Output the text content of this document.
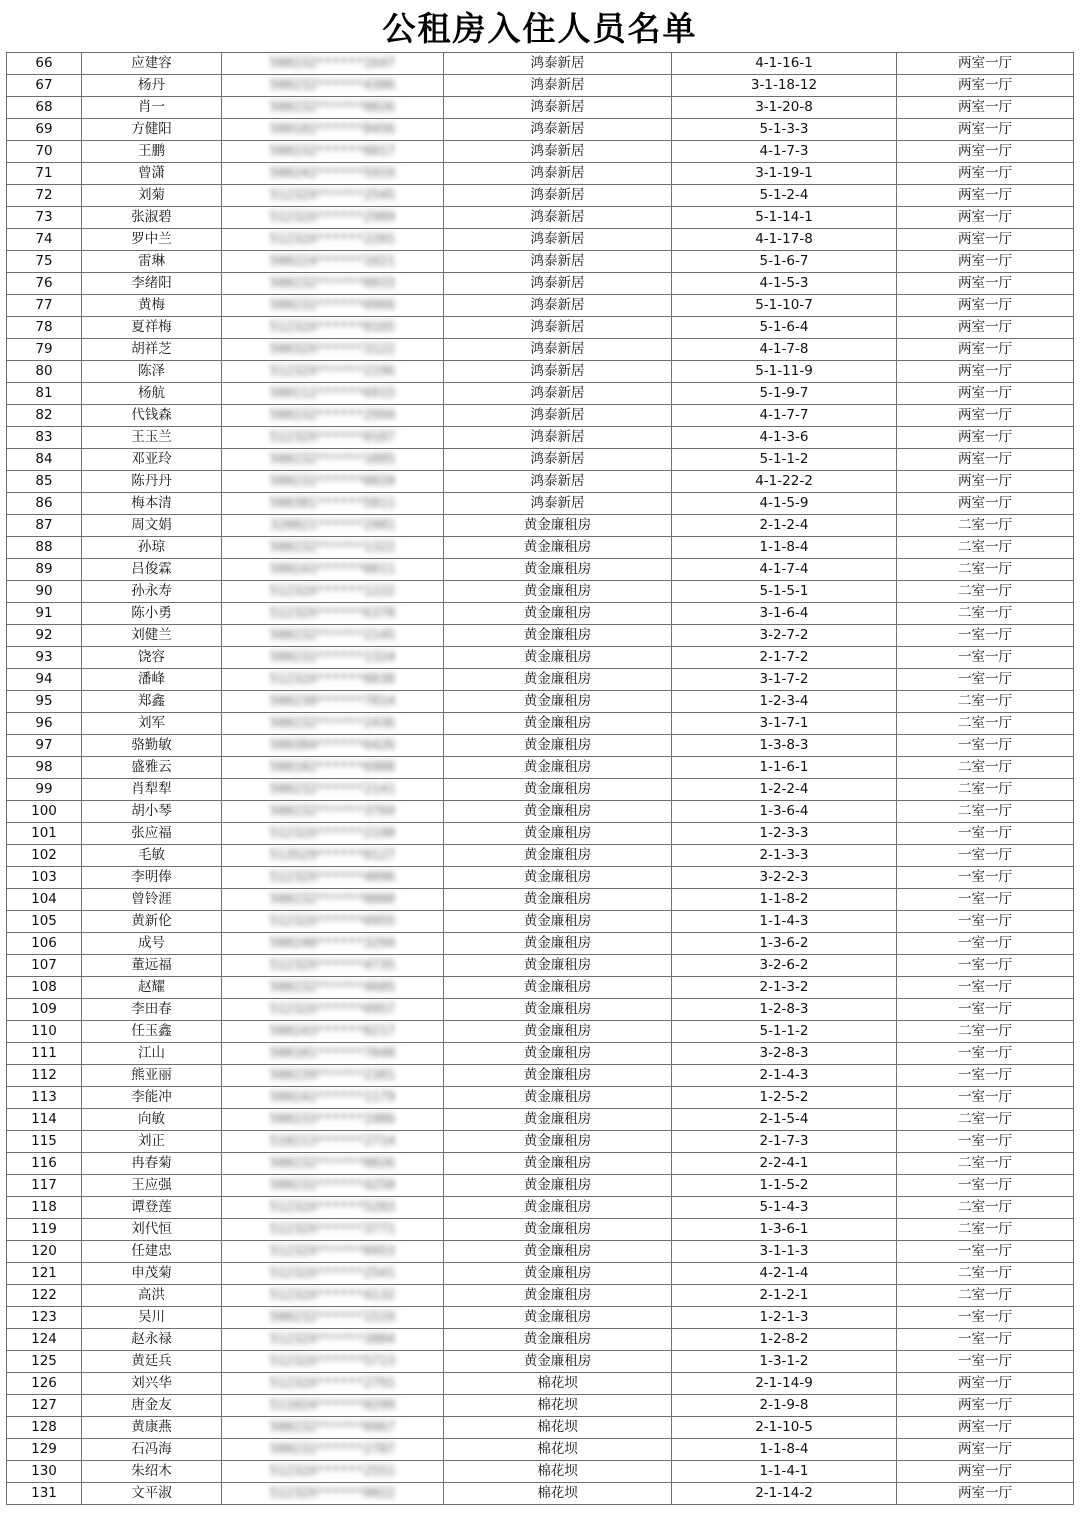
公租房入住人员名单
66	应建容	500232******1647	鸿泰新居	4-1-16-1	两室一厅
67	杨丹	500232******4386	鸿泰新居	3-1-18-12	两室一厅
68	肖一	500232******0026	鸿泰新居	3-1-20-8	两室一厅
69	方健阳	500102******8456	鸿泰新居	5-1-3-3	两室一厅
70	王鹏	500232******0017	鸿泰新居	4-1-7-3	两室一厅
71	曾潇	500242******5919	鸿泰新居	3-1-19-1	两室一厅
72	刘菊	51232X******2545	鸿泰新居	5-1-2-4	两室一厅
73	张淑碧	51232X******2989	鸿泰新居	5-1-14-1	两室一厅
74	罗中兰	51232X******2201	鸿泰新居	4-1-17-8	两室一厅
75	雷琳	500224******1021	鸿泰新居	5-1-6-7	两室一厅
76	李绪阳	500232******0033	鸿泰新居	4-1-5-3	两室一厅
77	黄梅	500232******0966	鸿泰新居	5-1-10-7	两室一厅
78	夏祥梅	51232X******0165	鸿泰新居	5-1-6-4	两室一厅
79	胡祥芝	50032X******3122	鸿泰新居	4-1-7-8	两室一厅
80	陈泽	51232X******2196	鸿泰新居	5-1-11-9	两室一厅
81	杨航	500112******6915	鸿泰新居	5-1-9-7	两室一厅
82	代钱森	500232******2994	鸿泰新居	4-1-7-7	两室一厅
83	王玉兰	51232X******0187	鸿泰新居	4-1-3-6	两室一厅
84	邓亚玲	500232******1885	鸿泰新居	5-1-1-2	两室一厅
85	陈丹丹	500232******0020	鸿泰新居	4-1-22-2	两室一厅
86	梅本清	500381******5811	鸿泰新居	4-1-5-9	两室一厅
87	周文娟	320821******2981	黄金廉租房	2-1-2-4	二室一厅
88	孙琼	500232******1322	黄金廉租房	1-1-8-4	二室一厅
89	吕俊霖	500243******0011	黄金廉租房	4-1-7-4	二室一厅
90	孙永寿	51232X******1222	黄金廉租房	5-1-5-1	二室一厅
91	陈小勇	51232X******6378	黄金廉租房	3-1-6-4	二室一厅
92	刘健兰	500232******2145	黄金廉租房	3-2-7-2	一室一厅
93	饶容	500232******1324	黄金廉租房	2-1-7-2	一室一厅
94	潘峰	51232X******0038	黄金廉租房	3-1-7-2	一室一厅
95	郑鑫	500238******7814	黄金廉租房	1-2-3-4	二室一厅
96	刘军	500232******2436	黄金廉租房	3-1-7-1	二室一厅
97	骆勤敏	500384******6426	黄金廉租房	1-3-8-3	一室一厅
98	盛雅云	500102******6908	黄金廉租房	1-1-6-1	二室一厅
99	肖犁犁	500232******2141	黄金廉租房	1-2-2-4	二室一厅
100	胡小琴	500232******3769	黄金廉租房	1-3-6-4	二室一厅
101	张应福	51232X******2198	黄金廉租房	1-2-3-3	一室一厅
102	毛敏	513529******0127	黄金廉租房	2-1-3-3	一室一厅
103	李明俸	51232X******4096	黄金廉租房	3-2-2-3	一室一厅
104	曾铃涯	500232******0000	黄金廉租房	1-1-8-2	一室一厅
105	黄新伦	51232X******0955	黄金廉租房	1-1-4-3	一室一厅
106	成号	500240******3294	黄金廉租房	1-3-6-2	一室一厅
107	董远福	51232X******4735	黄金廉租房	3-2-6-2	一室一厅
108	赵耀	500232******4605	黄金廉租房	2-1-3-2	一室一厅
109	李田春	51232X******0957	黄金廉租房	1-2-8-3	一室一厅
110	任玉鑫	500243******0217	黄金廉租房	5-1-1-2	二室一厅
111	江山	500101******7048	黄金廉租房	3-2-8-3	一室一厅
112	熊亚丽	500239******2381	黄金廉租房	2-1-4-3	一室一厅
113	李能冲	500242******1179	黄金廉租房	1-2-5-2	一室一厅
114	向敏	500233******1986	黄金廉租房	2-1-5-4	二室一厅
115	刘正	510213******2714	黄金廉租房	2-1-7-3	一室一厅
116	冉春菊	500232******0026	黄金廉租房	2-2-4-1	二室一厅
117	王应强	500232******4258	黄金廉租房	1-1-5-2	一室一厅
118	谭登莲	51232X******5283	黄金廉租房	5-1-4-3	二室一厅
119	刘代恒	51232X******3771	黄金廉租房	1-3-6-1	二室一厅
120	任建忠	51232X******0953	黄金廉租房	3-1-1-3	一室一厅
121	申茂菊	51232X******2541	黄金廉租房	4-2-1-4	二室一厅
122	高洪	51232X******4132	黄金廉租房	2-1-2-1	二室一厅
123	吴川	500232******1519	黄金廉租房	1-2-1-3	一室一厅
124	赵永禄	51232X******3884	黄金廉租房	1-2-8-2	一室一厅
125	黄廷兵	51232X******5713	黄金廉租房	1-3-1-2	一室一厅
126	刘兴华	51232X******2791	棉花坝	2-1-14-9	两室一厅
127	唐金友	511024******0299	棉花坝	2-1-9-8	两室一厅
128	黄康燕	500232******0967	棉花坝	2-1-10-5	两室一厅
129	石冯海	500232******2787	棉花坝	1-1-8-4	两室一厅
130	朱绍木	51232X******2551	棉花坝	1-1-4-1	两室一厅
131	文平淑	51232X******0022	棉花坝	2-1-14-2	两室一厅
